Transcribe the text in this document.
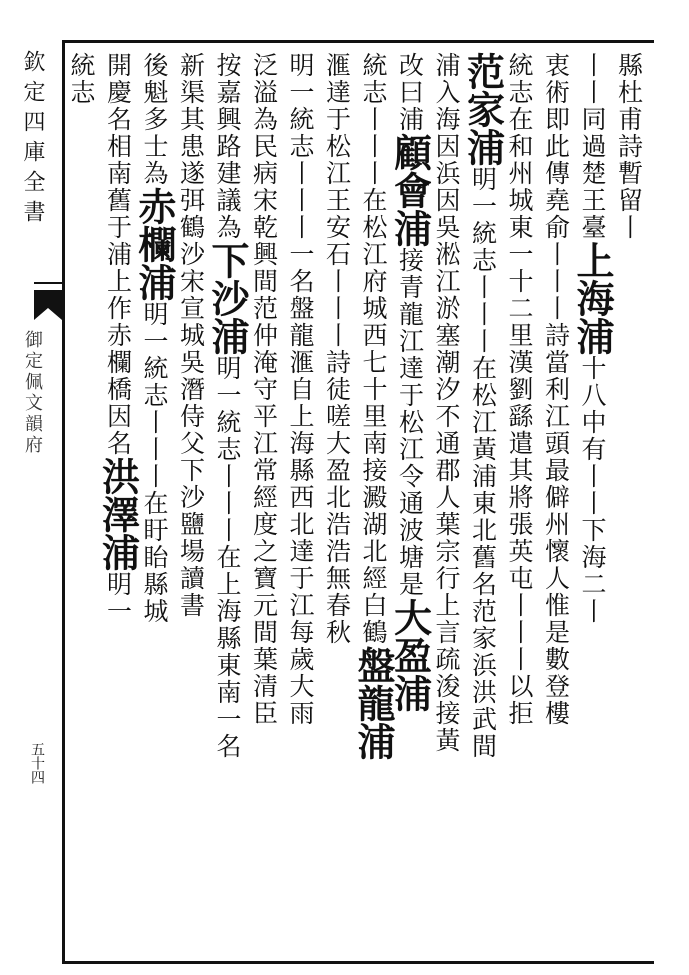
欽定四庫全書
御定佩文韻府
五十四
縣杜甫詩暫留丨
丨丨同過楚王臺上海浦十八中有丨丨下海二丨
衷術即此傳堯俞丨丨丨詩當利江頭最僻州懷人惟是數登樓
統志在和州城東一十二里漢劉繇遣其將張英屯丨丨丨以拒
范家浦明一統志丨丨丨在松江黃浦東北舊名范家浜洪武間
浦入海因浜因吳淞江淤塞潮汐不通郡人葉宗行上言疏浚接黃
改曰浦顧會浦接青龍江達于松江令通波塘是大盈浦
統志丨丨丨在松江府城西七十里南接澱湖北經白鶴盤龍浦
滙達于松江王安石丨丨丨詩徒嗟大盈北浩浩無春秋
明一統志丨丨丨一名盤龍滙自上海縣西北達于江每歲大雨
泛溢為民病宋乾興間范仲淹守平江常經度之寶元間葉清臣
按嘉興路建議為下沙浦明一統志丨丨丨在上海縣東南一名
新渠其患遂弭鶴沙宋宣城吳潛侍父下沙鹽場讀書
後魁多士為赤欄浦明一統志丨丨丨在盱眙縣城
開慶名相南舊于浦上作赤欄橋因名洪澤浦明一
統志
